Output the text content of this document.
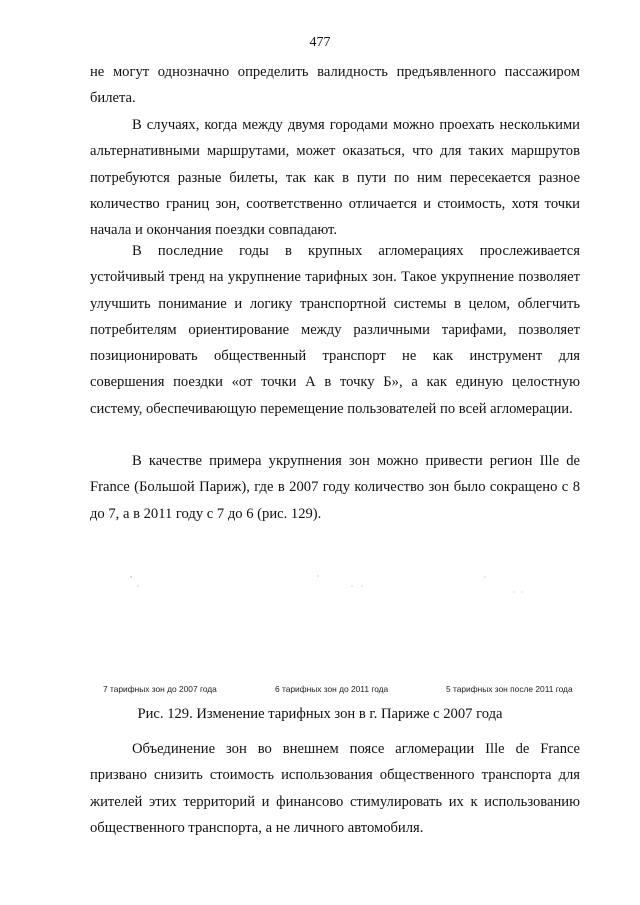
477

не могут однозначно определить валидность предъявленного пассажиром билета.

В случаях, когда между двумя городами можно проехать несколькими альтернативными маршрутами, может оказаться, что для таких маршрутов потребуются разные билеты, так как в пути по ним пересекается разное количество границ зон, соответственно отличается и стоимость, хотя точки начала и окончания поездки совпадают.

В последние годы в крупных агломерациях прослеживается устойчивый тренд на укрупнение тарифных зон. Такое укрупнение позволяет улучшить понимание и логику транспортной системы в целом, облегчить потребителям ориентирование между различными тарифами, позволяет позиционировать общественный транспорт не как инструмент для совершения поездки «от точки А в точку Б», а как единую целостную систему, обеспечивающую перемещение пользователей по всей агломерации.

В качестве примера укрупнения зон можно привести регион Ille de France (Большой Париж), где в 2007 году количество зон было сокращено с 8 до 7, а в 2011 году с 7 до 6 (рис. 129).

7 тарифных зон до 2007 года	6 тарифных зон до 2011 года	5 тарифных зон после 2011 года
Рис. 129. Изменение тарифных зон в г. Париже с 2007 года

Объединение зон во внешнем поясе агломерации Ille de France призвано снизить стоимость использования общественного транспорта для жителей этих территорий и финансово стимулировать их к использованию общественного транспорта, а не личного автомобиля.
